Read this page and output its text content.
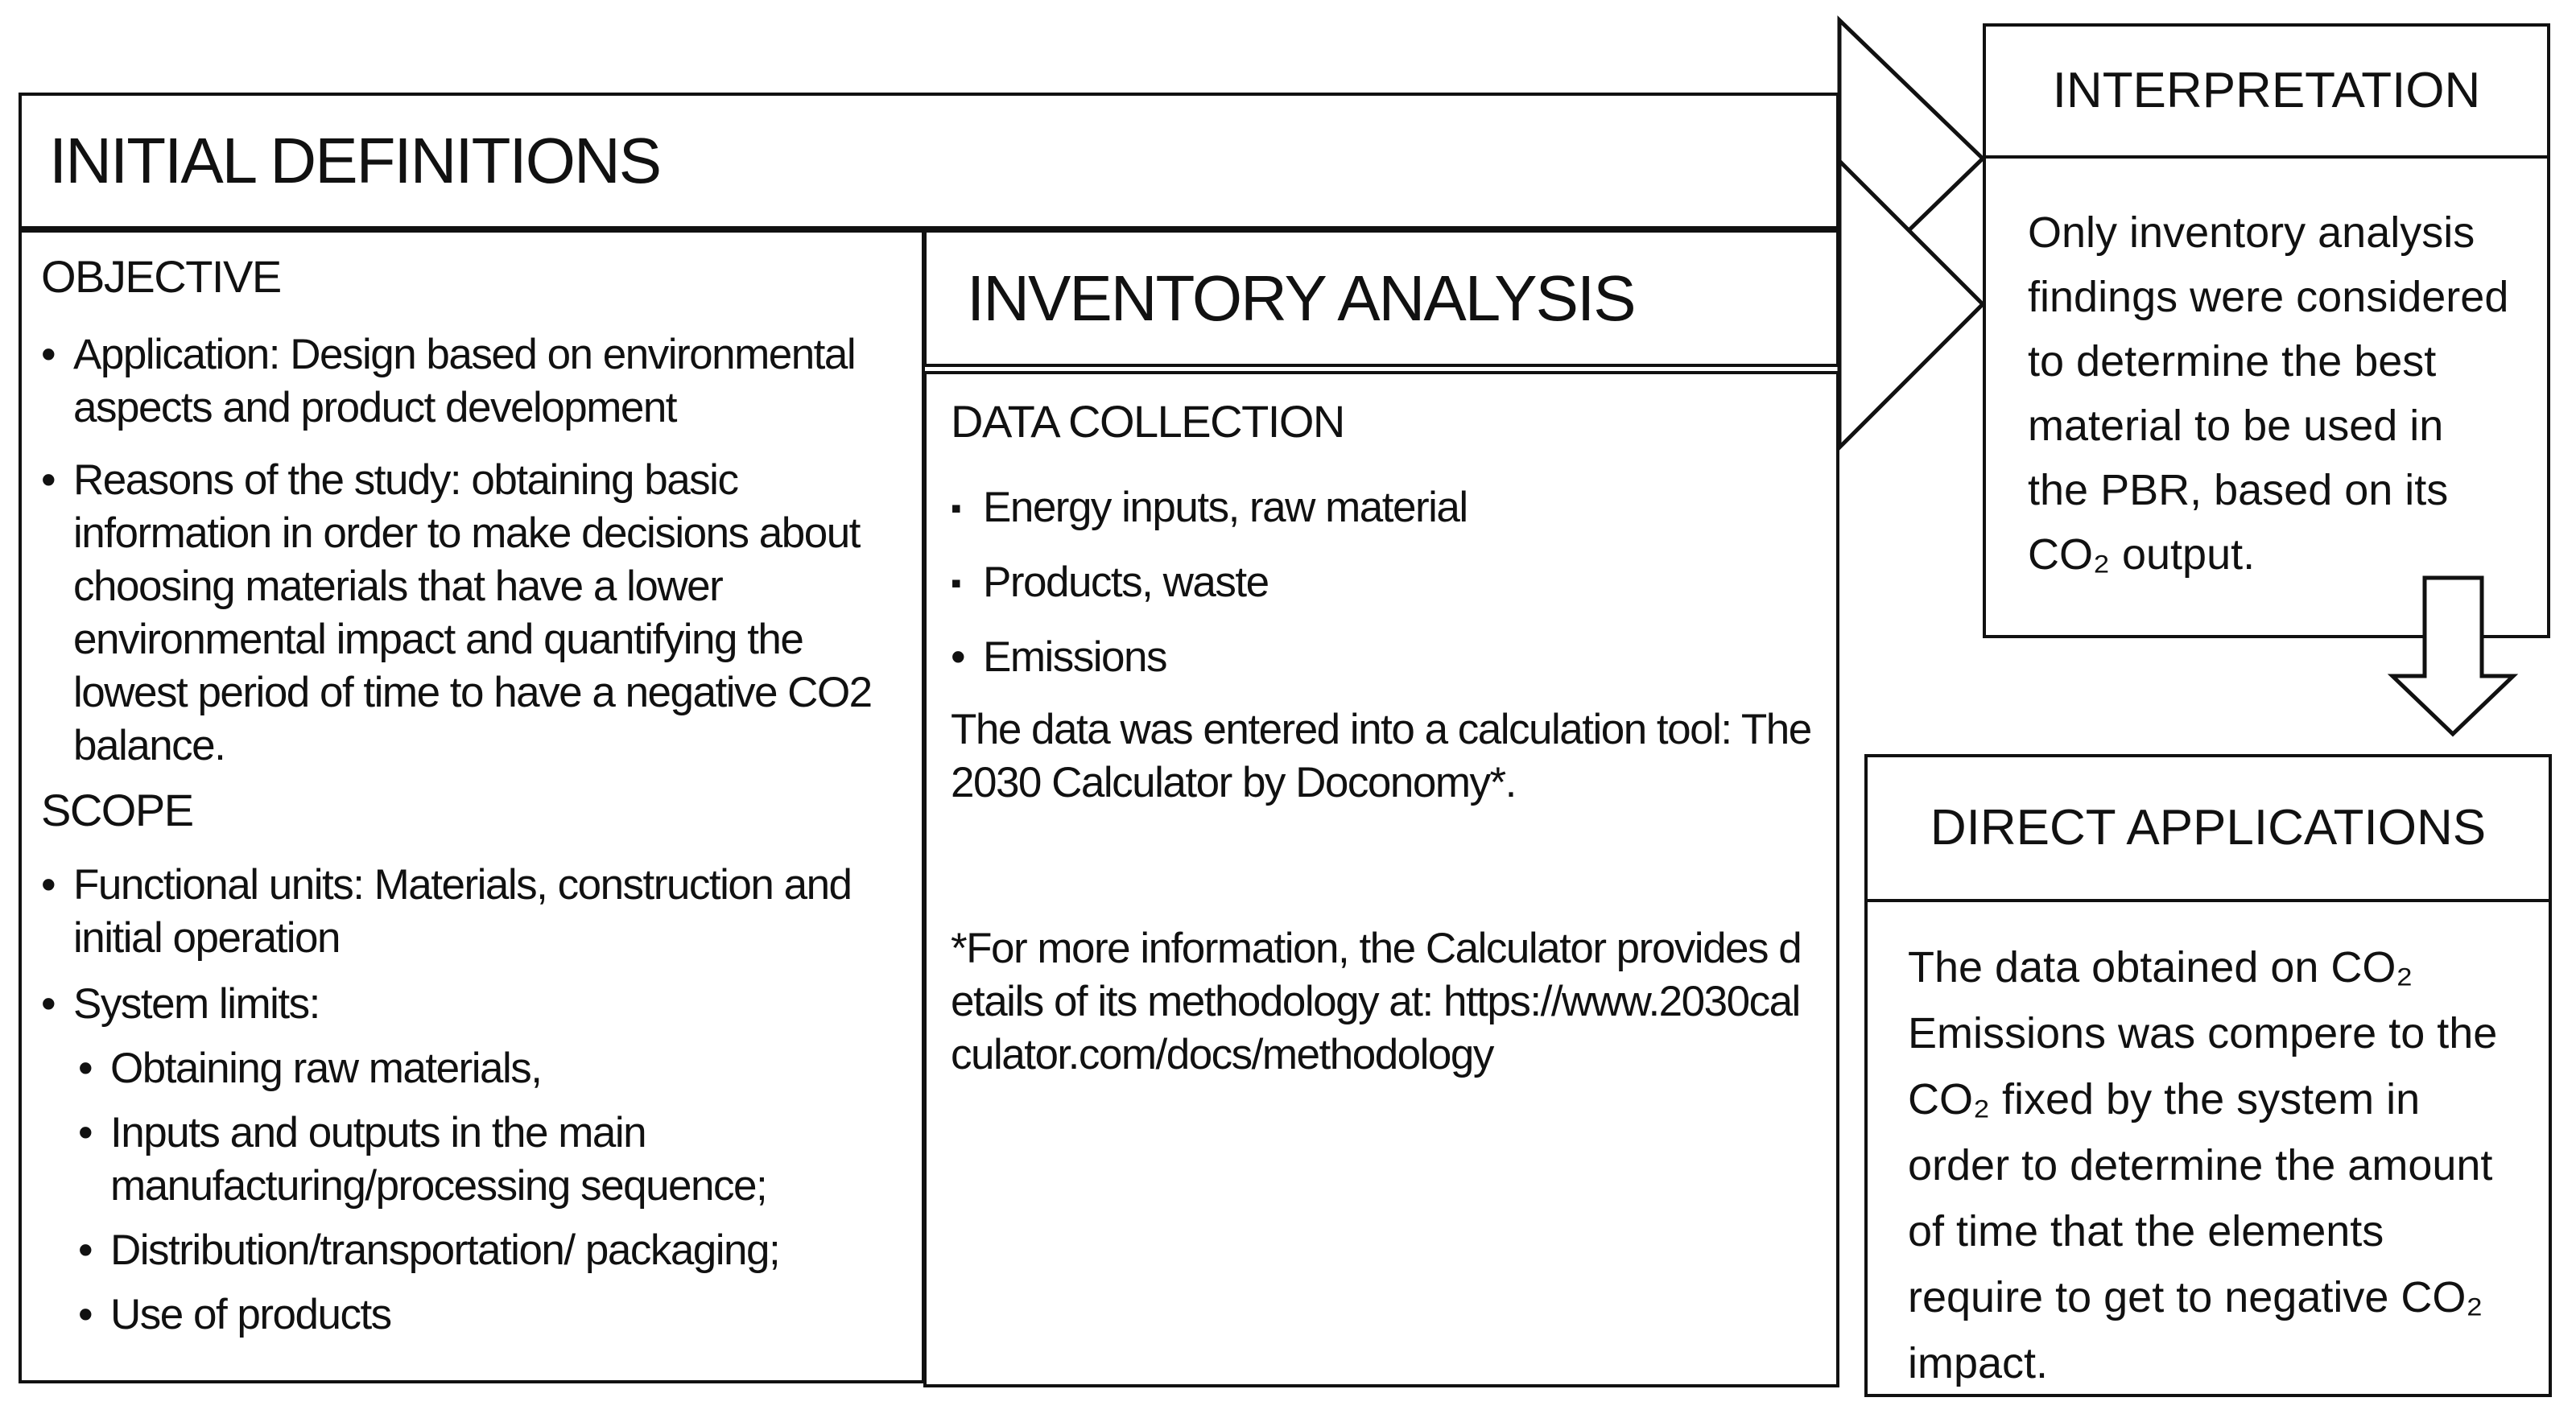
INITIAL DEFINITIONS
OBJECTIVE
•
Application: Design based on environmental aspects and product development
•
Reasons of the study: obtaining basic information in order to make decisions about choosing materials that have a lower environmental impact and quantifying the lowest period of time to have a negative CO2 balance.
SCOPE
•
Functional units: Materials, construction and initial operation
•
System limits:
•
Obtaining raw materials,
•
Inputs and outputs in the main manufacturing/processing sequence;
•
Distribution/transportation/ packaging;
•
Use of products
INVENTORY ANALYSIS
DATA COLLECTION
▪
Energy inputs, raw material
▪
Products, waste
•
Emissions
The data was entered into a calculation tool: The 2030 Calculator by Doconomy*.
*For more information, the Calculator provides details of its methodology at: https://www.2030calculator.com/docs/methodology
INTERPRETATION
Only inventory analysis findings were considered to determine the best material to be used in the PBR, based on its CO₂ output.
DIRECT APPLICATIONS
The data obtained on CO₂ Emissions was compere to the CO₂ fixed by the system in order to determine the amount of time that the elements require to get to negative CO₂ impact.
